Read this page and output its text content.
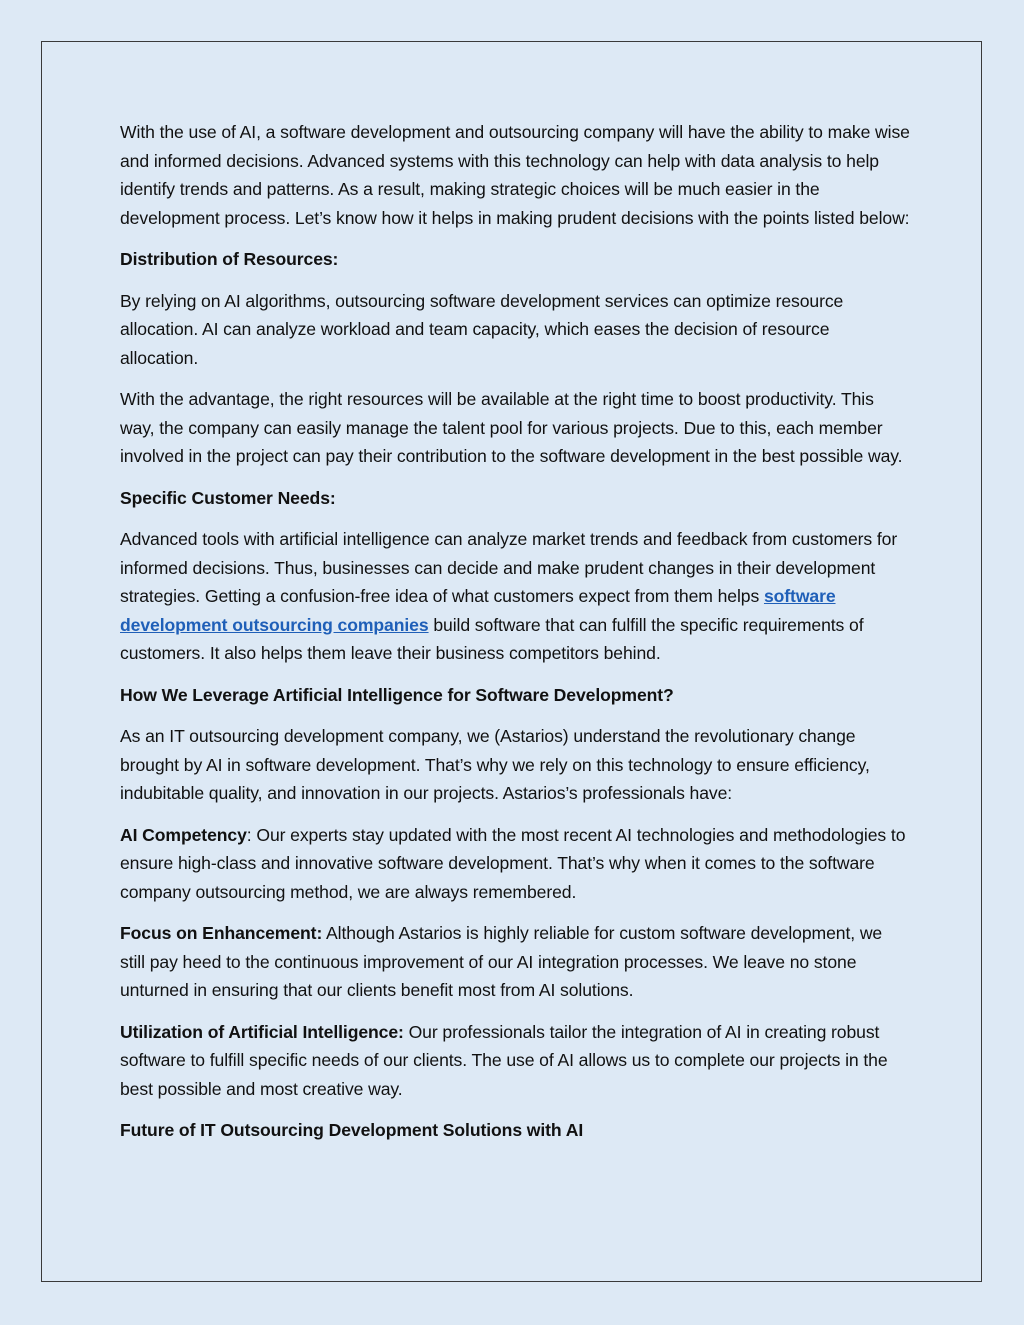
With the use of AI, a software development and outsourcing company will have the ability to make wise and informed decisions. Advanced systems with this technology can help with data analysis to help identify trends and patterns. As a result, making strategic choices will be much easier in the development process. Let’s know how it helps in making prudent decisions with the points listed below:

Distribution of Resources:

By relying on AI algorithms, outsourcing software development services can optimize resource allocation. AI can analyze workload and team capacity, which eases the decision of resource allocation.

With the advantage, the right resources will be available at the right time to boost productivity. This way, the company can easily manage the talent pool for various projects. Due to this, each member involved in the project can pay their contribution to the software development in the best possible way.

Specific Customer Needs:

Advanced tools with artificial intelligence can analyze market trends and feedback from customers for informed decisions. Thus, businesses can decide and make prudent changes in their development strategies. Getting a confusion-free idea of what customers expect from them helps software development outsourcing companies build software that can fulfill the specific requirements of customers. It also helps them leave their business competitors behind.

How We Leverage Artificial Intelligence for Software Development?

As an IT outsourcing development company, we (Astarios) understand the revolutionary change brought by AI in software development. That’s why we rely on this technology to ensure efficiency, indubitable quality, and innovation in our projects. Astarios’s professionals have:

AI Competency: Our experts stay updated with the most recent AI technologies and methodologies to ensure high-class and innovative software development. That’s why when it comes to the software company outsourcing method, we are always remembered.

Focus on Enhancement: Although Astarios is highly reliable for custom software development, we still pay heed to the continuous improvement of our AI integration processes. We leave no stone unturned in ensuring that our clients benefit most from AI solutions.

Utilization of Artificial Intelligence: Our professionals tailor the integration of AI in creating robust software to fulfill specific needs of our clients. The use of AI allows us to complete our projects in the best possible and most creative way.

Future of IT Outsourcing Development Solutions with AI
